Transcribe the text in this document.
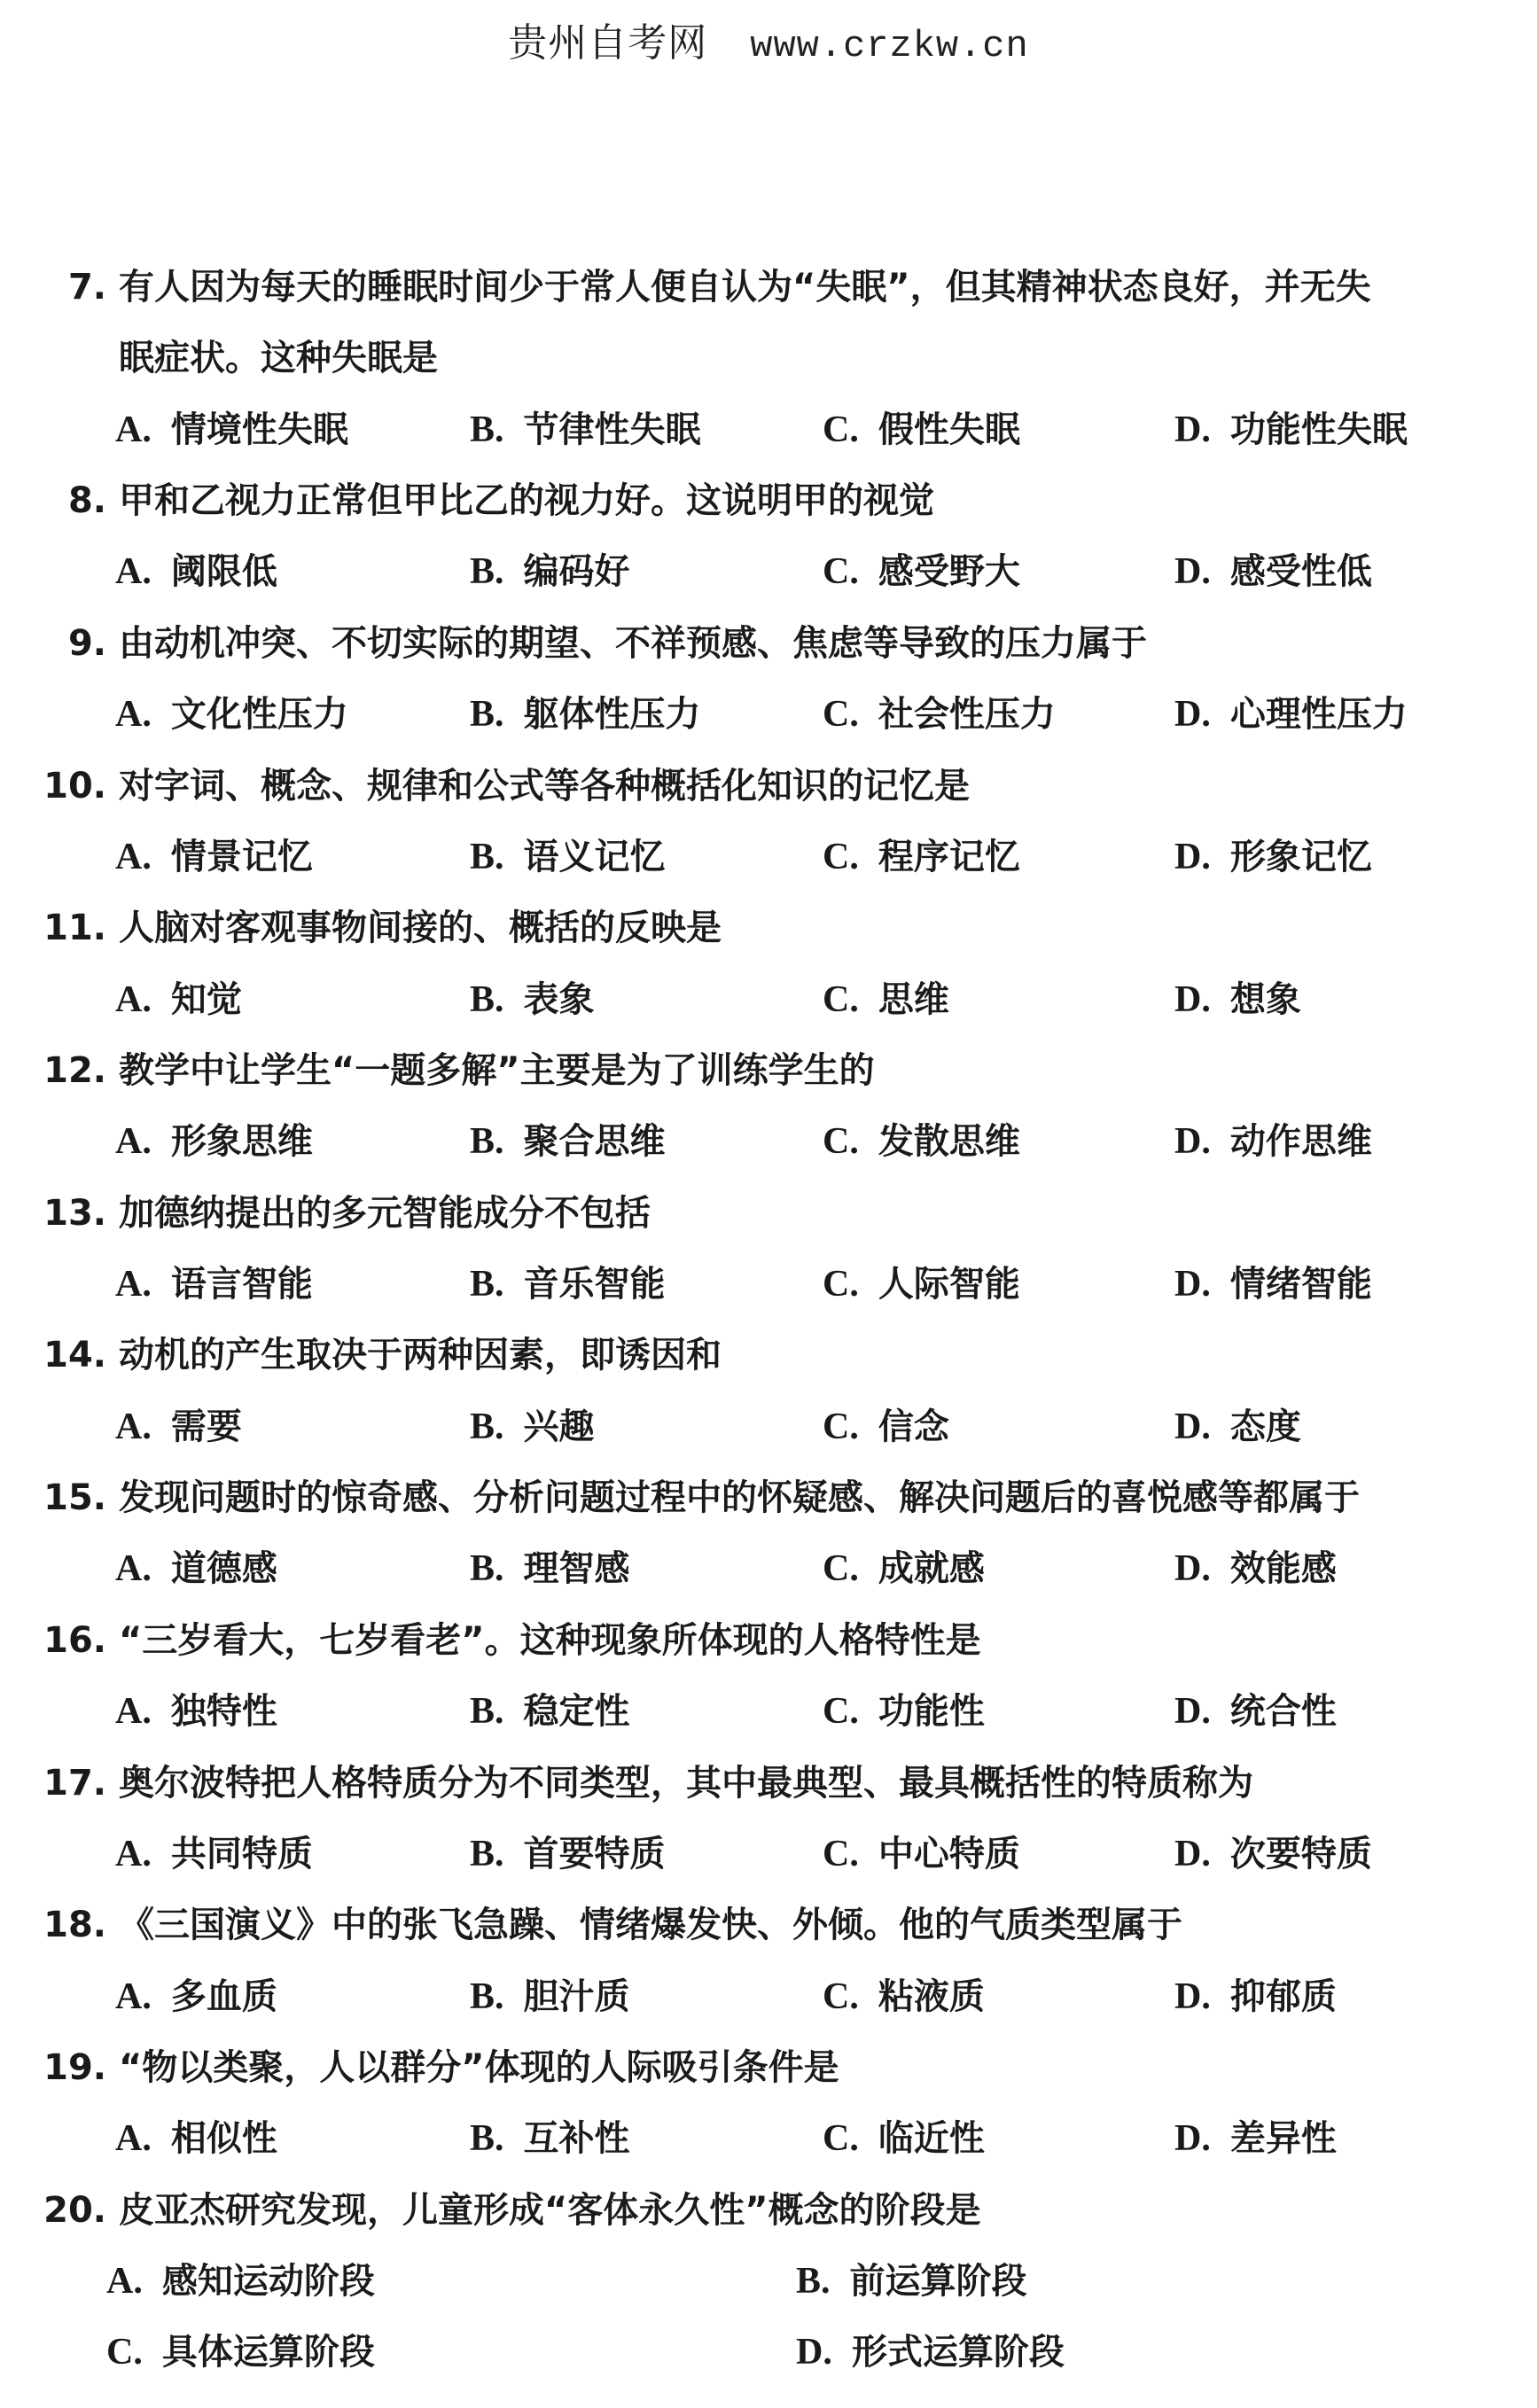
贵州自考网 www.crzkw.cn
7. 有人因为每天的睡眠时间少于常人便自认为“失眠”，但其精神状态良好，并无失
眠症状。这种失眠是
A. 情境性失眠	B. 节律性失眠	C. 假性失眠	D. 功能性失眠
8. 甲和乙视力正常但甲比乙的视力好。这说明甲的视觉
A. 阈限低	B. 编码好	C. 感受野大	D. 感受性低
9. 由动机冲突、不切实际的期望、不祥预感、焦虑等导致的压力属于
A. 文化性压力	B. 躯体性压力	C. 社会性压力	D. 心理性压力
10. 对字词、概念、规律和公式等各种概括化知识的记忆是
A. 情景记忆	B. 语义记忆	C. 程序记忆	D. 形象记忆
11. 人脑对客观事物间接的、概括的反映是
A. 知觉	B. 表象	C. 思维	D. 想象
12. 教学中让学生“一题多解”主要是为了训练学生的
A. 形象思维	B. 聚合思维	C. 发散思维	D. 动作思维
13. 加德纳提出的多元智能成分不包括
A. 语言智能	B. 音乐智能	C. 人际智能	D. 情绪智能
14. 动机的产生取决于两种因素，即诱因和
A. 需要	B. 兴趣	C. 信念	D. 态度
15. 发现问题时的惊奇感、分析问题过程中的怀疑感、解决问题后的喜悦感等都属于
A. 道德感	B. 理智感	C. 成就感	D. 效能感
16. “三岁看大，七岁看老”。这种现象所体现的人格特性是
A. 独特性	B. 稳定性	C. 功能性	D. 统合性
17. 奥尔波特把人格特质分为不同类型，其中最典型、最具概括性的特质称为
A. 共同特质	B. 首要特质	C. 中心特质	D. 次要特质
18. 《三国演义》中的张飞急躁、情绪爆发快、外倾。他的气质类型属于
A. 多血质	B. 胆汁质	C. 粘液质	D. 抑郁质
19. “物以类聚，人以群分”体现的人际吸引条件是
A. 相似性	B. 互补性	C. 临近性	D. 差异性
20. 皮亚杰研究发现，儿童形成“客体永久性”概念的阶段是
A. 感知运动阶段	B. 前运算阶段
C. 具体运算阶段	D. 形式运算阶段
